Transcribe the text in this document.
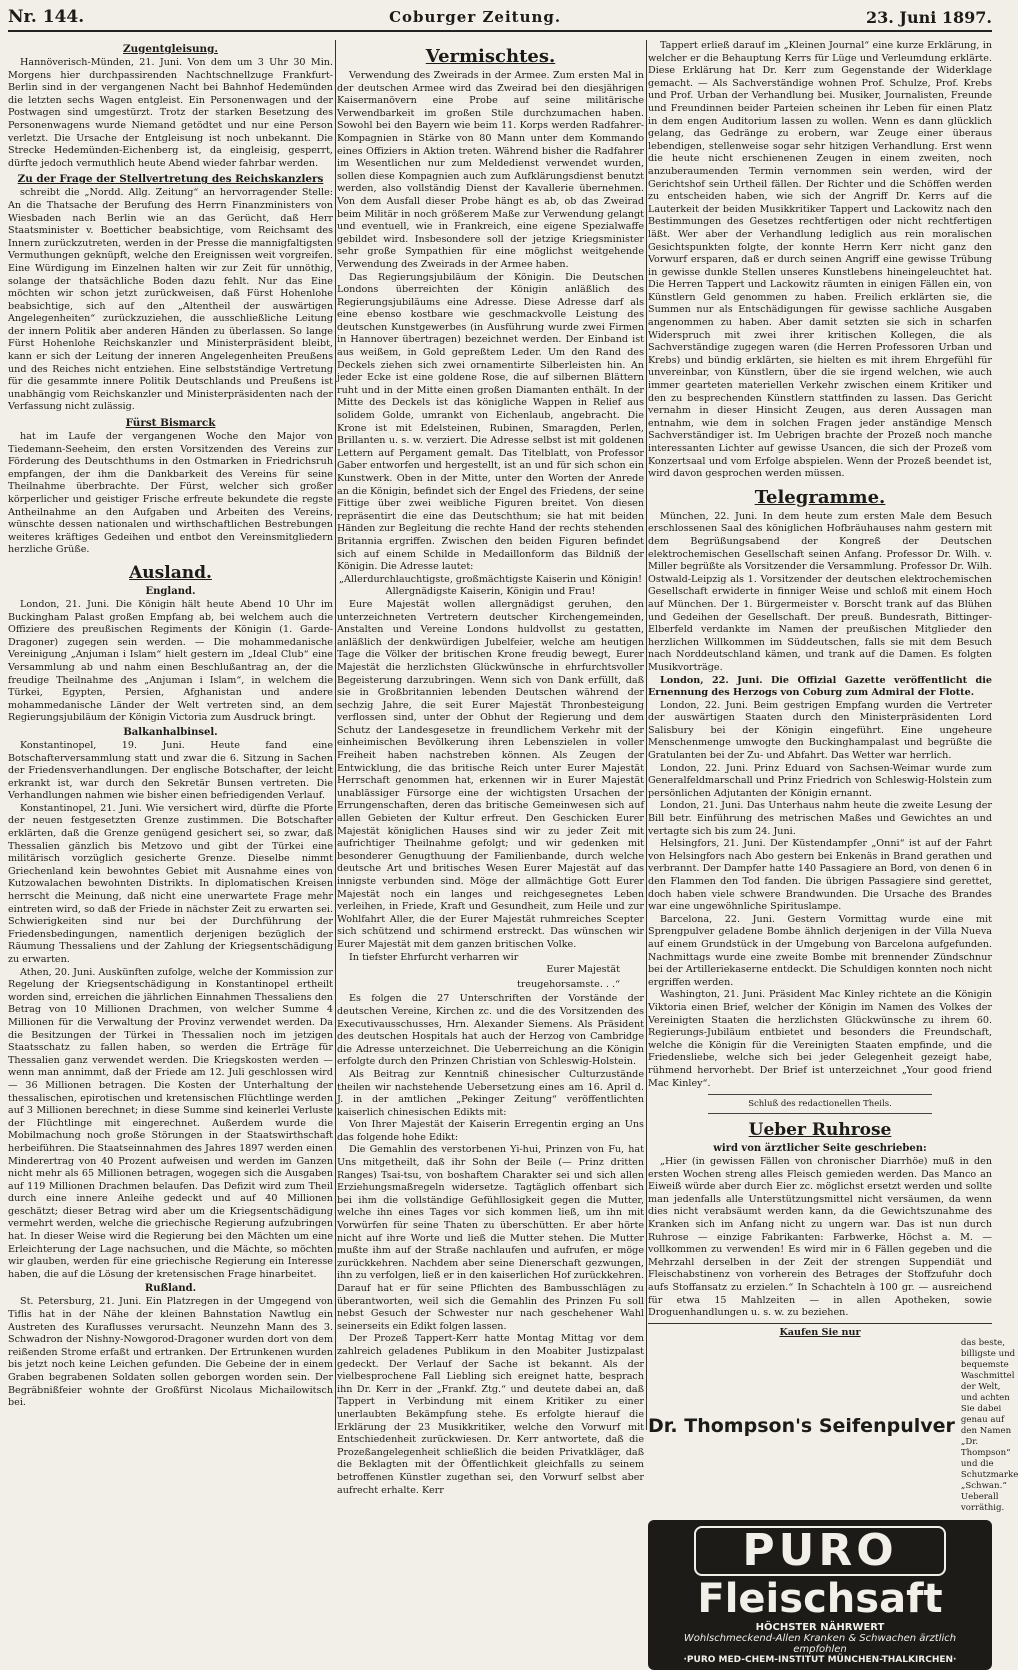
Nr. 144.	Coburger Zeitung.	23. Juni 1897.
Zugentgleisung.

Hannöverisch-Münden, 21. Juni. Von dem um 3 Uhr 30 Min. Morgens hier durchpassirenden Nachtschnellzuge Frankfurt-Berlin sind in der vergangenen Nacht bei Bahnhof Hedemünden die letzten sechs Wagen entgleist. Ein Personenwagen und der Postwagen sind umgestürzt. Trotz der starken Besetzung des Personenwagens wurde Niemand getödtet und nur eine Person verletzt. Die Ursache der Entgleisung ist noch unbekannt. Die Strecke Hedemünden-Eichenberg ist, da eingleisig, gesperrt, dürfte jedoch vermuthlich heute Abend wieder fahrbar werden.

Zu der Frage der Stellvertretung des Reichskanzlers

schreibt die „Nordd. Allg. Zeitung“ an hervorragender Stelle: An die Thatsache der Berufung des Herrn Finanzministers von Wiesbaden nach Berlin wie an das Gerücht, daß Herr Staatsminister v. Boetticher beabsichtige, vom Reichsamt des Innern zurückzutreten, werden in der Presse die mannigfaltigsten Vermuthungen geknüpft, welche den Ereignissen weit vorgreifen. Eine Würdigung im Einzelnen halten wir zur Zeit für unnöthig, solange der thatsächliche Boden dazu fehlt. Nur das Eine möchten wir schon jetzt zurückweisen, daß Fürst Hohenlohe beabsichtige, sich auf den „Altentheil der auswärtigen Angelegenheiten“ zurückzuziehen, die ausschließliche Leitung der innern Politik aber anderen Händen zu überlassen. So lange Fürst Hohenlohe Reichskanzler und Ministerpräsident bleibt, kann er sich der Leitung der inneren Angelegenheiten Preußens und des Reiches nicht entziehen. Eine selbstständige Vertretung für die gesammte innere Politik Deutschlands und Preußens ist unabhängig vom Reichskanzler und Ministerpräsidenten nach der Verfassung nicht zulässig.

Fürst Bismarck

hat im Laufe der vergangenen Woche den Major von Tiedemann-Seeheim, den ersten Vorsitzenden des Vereins zur Förderung des Deutschthums in den Ostmarken in Friedrichsruh empfangen, der ihm die Dankbarkeit des Vereins für seine Theilnahme überbrachte. Der Fürst, welcher sich großer körperlicher und geistiger Frische erfreute bekundete die regste Antheilnahme an den Aufgaben und Arbeiten des Vereins, wünschte dessen nationalen und wirthschaftlichen Bestrebungen weiteres kräftiges Gedeihen und entbot den Vereinsmitgliedern herzliche Grüße.

Ausland.
England.

London, 21. Juni. Die Königin hält heute Abend 10 Uhr im Buckingham Palast großen Empfang ab, bei welchem auch die Offiziere des preußischen Regiments der Königin (1. Garde-Dragoner) zugegen sein werden. — Die mohammedanische Vereinigung „Anjuman i Islam“ hielt gestern im „Ideal Club“ eine Versammlung ab und nahm einen Beschlußantrag an, der die freudige Theilnahme des „Anjuman i Islam“, in welchem die Türkei, Egypten, Persien, Afghanistan und andere mohammedanische Länder der Welt vertreten sind, an dem Regierungsjubiläum der Königin Victoria zum Ausdruck bringt.

Balkanhalbinsel.

Konstantinopel, 19. Juni. Heute fand eine Botschafterversammlung statt und zwar die 6. Sitzung in Sachen der Friedensverhandlungen. Der englische Botschafter, der leicht erkrankt ist, war durch den Sekretär Bunsen vertreten. Die Verhandlungen nahmen wie bisher einen befriedigenden Verlauf.

Konstantinopel, 21. Juni. Wie versichert wird, dürfte die Pforte der neuen festgesetzten Grenze zustimmen. Die Botschafter erklärten, daß die Grenze genügend gesichert sei, so zwar, daß Thessalien gänzlich bis Metzovo und gibt der Türkei eine militärisch vorzüglich gesicherte Grenze. Dieselbe nimmt Griechenland kein bewohntes Gebiet mit Ausnahme eines von Kutzowalachen bewohnten Distrikts. In diplomatischen Kreisen herrscht die Meinung, daß nicht eine unerwartete Frage mehr eintreten wird, so daß der Friede in nächster Zeit zu erwarten sei. Schwierigkeiten sind nur bei der Durchführung der Friedensbedingungen, namentlich derjenigen bezüglich der Räumung Thessaliens und der Zahlung der Kriegsentschädigung zu erwarten.

Athen, 20. Juni. Auskünften zufolge, welche der Kommission zur Regelung der Kriegsentschädigung in Konstantinopel ertheilt worden sind, erreichen die jährlichen Einnahmen Thessaliens den Betrag von 10 Millionen Drachmen, von welcher Summe 4 Millionen für die Verwaltung der Provinz verwendet werden. Da die Besitzungen der Türkei in Thessalien noch im jetzigen Staatsschatz zu fallen haben, so werden die Erträge für Thessalien ganz verwendet werden. Die Kriegskosten werden — wenn man annimmt, daß der Friede am 12. Juli geschlossen wird — 36 Millionen betragen. Die Kosten der Unterhaltung der thessalischen, epirotischen und kretensischen Flüchtlinge werden auf 3 Millionen berechnet; in diese Summe sind keinerlei Verluste der Flüchtlinge mit eingerechnet. Außerdem wurde die Mobilmachung noch große Störungen in der Staatswirthschaft herbeiführen. Die Staatseinnahmen des Jahres 1897 werden einen Minderertrag von 40 Prozent aufweisen und werden im Ganzen nicht mehr als 65 Millionen betragen, wogegen sich die Ausgaben auf 119 Millionen Drachmen belaufen. Das Defizit wird zum Theil durch eine innere Anleihe gedeckt und auf 40 Millionen geschätzt; dieser Betrag wird aber um die Kriegsentschädigung vermehrt werden, welche die griechische Regierung aufzubringen hat. In dieser Weise wird die Regierung bei den Mächten um eine Erleichterung der Lage nachsuchen, und die Mächte, so möchten wir glauben, werden für eine griechische Regierung ein Interesse haben, die auf die Lösung der kretensischen Frage hinarbeitet.

Rußland.

St. Petersburg, 21. Juni. Ein Platzregen in der Umgegend von Tiflis hat in der Nähe der kleinen Bahnstation Nawtlug ein Austreten des Kuraflusses verursacht. Neunzehn Mann des 3. Schwadron der Nishny-Nowgorod-Dragoner wurden dort von dem reißenden Strome erfaßt und ertranken. Der Ertrunkenen wurden bis jetzt noch keine Leichen gefunden. Die Gebeine der in einem Graben begrabenen Soldaten sollen geborgen worden sein. Der Begräbnißfeier wohnte der Großfürst Nicolaus Michailowitsch bei.

Vermischtes.

Verwendung des Zweirads in der Armee. Zum ersten Mal in der deutschen Armee wird das Zweirad bei den diesjährigen Kaisermanövern eine Probe auf seine militärische Verwendbarkeit im großen Stile durchzumachen haben. Sowohl bei den Bayern wie beim 11. Korps werden Radfahrer-Kompagnien in Stärke von 80 Mann unter dem Kommando eines Offiziers in Aktion treten. Während bisher die Radfahrer im Wesentlichen nur zum Meldedienst verwendet wurden, sollen diese Kompagnien auch zum Aufklärungsdienst benutzt werden, also vollständig Dienst der Kavallerie übernehmen. Von dem Ausfall dieser Probe hängt es ab, ob das Zweirad beim Militär in noch größerem Maße zur Verwendung gelangt und eventuell, wie in Frankreich, eine eigene Spezialwaffe gebildet wird. Insbesondere soll der jetzige Kriegsminister sehr große Sympathien für eine möglichst weitgehende Verwendung des Zweirads in der Armee haben.

Das Regierungsjubiläum der Königin. Die Deutschen Londons überreichten der Königin anläßlich des Regierungsjubiläums eine Adresse. Diese Adresse darf als eine ebenso kostbare wie geschmackvolle Leistung des deutschen Kunstgewerbes (in Ausführung wurde zwei Firmen in Hannover übertragen) bezeichnet werden. Der Einband ist aus weißem, in Gold gepreßtem Leder. Um den Rand des Deckels ziehen sich zwei ornamentirte Silberleisten hin. An jeder Ecke ist eine goldene Rose, die auf silbernen Blättern ruht und in der Mitte einen großen Diamanten enthält. In der Mitte des Deckels ist das königliche Wappen in Relief aus solidem Golde, umrankt von Eichenlaub, angebracht. Die Krone ist mit Edelsteinen, Rubinen, Smaragden, Perlen, Brillanten u. s. w. verziert. Die Adresse selbst ist mit goldenen Lettern auf Pergament gemalt. Das Titelblatt, von Professor Gaber entworfen und hergestellt, ist an und für sich schon ein Kunstwerk. Oben in der Mitte, unter den Worten der Anrede an die Königin, befindet sich der Engel des Friedens, der seine Fittige über zwei weibliche Figuren breitet. Von diesen repräsentirt die eine das Deutschthum; sie hat mit beiden Händen zur Begleitung die rechte Hand der rechts stehenden Britannia ergriffen. Zwischen den beiden Figuren befindet sich auf einem Schilde in Medaillonform das Bildniß der Königin. Die Adresse lautet:

„Allerdurchlauchtigste, großmächtigste Kaiserin und Königin!

Allergnädigste Kaiserin, Königin und Frau!

Eure Majestät wollen allergnädigst geruhen, den unterzeichneten Vertretern deutscher Kirchengemeinden, Anstalten und Vereine Londons huldvollst zu gestatten, anläßlich der denkwürdigen Jubelfeier, welche am heutigen Tage die Völker der britischen Krone freudig bewegt, Eurer Majestät die herzlichsten Glückwünsche in ehrfurchtsvoller Begeisterung darzubringen. Wenn sich von Dank erfüllt, daß sie in Großbritannien lebenden Deutschen während der sechzig Jahre, die seit Eurer Majestät Thronbesteigung verflossen sind, unter der Obhut der Regierung und dem Schutz der Landesgesetze in freundlichem Verkehr mit der einheimischen Bevölkerung ihren Lebenszielen in voller Freiheit haben nachstreben können. Als Zeugen der Entwicklung, die das britische Reich unter Eurer Majestät Herrschaft genommen hat, erkennen wir in Eurer Majestät unablässiger Fürsorge eine der wichtigsten Ursachen der Errungenschaften, deren das britische Gemeinwesen sich auf allen Gebieten der Kultur erfreut. Den Geschicken Eurer Majestät königlichen Hauses sind wir zu jeder Zeit mit aufrichtiger Theilnahme gefolgt; und wir gedenken mit besonderer Genugthuung der Familienbande, durch welche deutsche Art und britisches Wesen Eurer Majestät auf das innigste verbunden sind. Möge der allmächtige Gott Eurer Majestät noch ein langes und reichgesegnetes Leben verleihen, in Friede, Kraft und Gesundheit, zum Heile und zur Wohlfahrt Aller, die der Eurer Majestät ruhmreiches Scepter sich schützend und schirmend erstreckt. Das wünschen wir Eurer Majestät mit dem ganzen britischen Volke.

In tiefster Ehrfurcht verharren wir

Eurer Majestät

treugehorsamste. . .“

Es folgen die 27 Unterschriften der Vorstände der deutschen Vereine, Kirchen zc. und die des Vorsitzenden des Executivausschusses, Hrn. Alexander Siemens. Als Präsident des deutschen Hospitals hat auch der Herzog von Cambridge die Adresse unterzeichnet. Die Ueberreichung an die Königin erfolgte durch den Prinzen Christian von Schleswig-Holstein.

Als Beitrag zur Kenntniß chinesischer Culturzustände theilen wir nachstehende Uebersetzung eines am 16. April d. J. in der amtlichen „Pekinger Zeitung“ veröffentlichten kaiserlich chinesischen Edikts mit:

Von Ihrer Majestät der Kaiserin Erregentin erging an Uns das folgende hohe Edikt:

Die Gemahlin des verstorbenen Yi-hui, Prinzen von Fu, hat Uns mitgetheilt, daß ihr Sohn der Beile (— Prinz dritten Ranges) Tsai-tsu, von boshaftem Charakter sei und sich allen Erziehungsmaßregeln widersetze. Tagtäglich offenbart sich bei ihm die vollständige Gefühllosigkeit gegen die Mutter, welche ihn eines Tages vor sich kommen ließ, um ihn mit Vorwürfen für seine Thaten zu überschütten. Er aber hörte nicht auf ihre Worte und ließ die Mutter stehen. Die Mutter mußte ihm auf der Straße nachlaufen und aufrufen, er möge zurückkehren. Nachdem aber seine Dienerschaft gezwungen, ihn zu verfolgen, ließ er in den kaiserlichen Hof zurückkehren. Darauf hat er für seine Pflichten des Bambusschlägen zu überantworten, weil sich die Gemahlin des Prinzen Fu soll nebst Gesuch der Schwester nur nach geschehener Wahl seinerseits ein Edikt folgen lassen.

Der Prozeß Tappert-Kerr hatte Montag Mittag vor dem zahlreich geladenes Publikum in den Moabiter Justizpalast gedeckt. Der Verlauf der Sache ist bekannt. Als der vielbesprochene Fall Liebling sich ereignet hatte, besprach ihn Dr. Kerr in der „Frankf. Ztg.“ und deutete dabei an, daß Tappert in Verbindung mit einem Kritiker zu einer unerlaubten Bekämpfung stehe. Es erfolgte hierauf die Erklärung der 23 Musikkritiker, welche den Vorwurf mit Entschiedenheit zurückwiesen. Dr. Kerr antwortete, daß die Prozeßangelegenheit schließlich die beiden Privatkläger, daß die Beklagten mit der Öffentlichkeit gleichfalls zu seinem betroffenen Künstler zugethan sei, den Vorwurf selbst aber aufrecht erhalte. Kerr

Tappert erließ darauf im „Kleinen Journal“ eine kurze Erklärung, in welcher er die Behauptung Kerrs für Lüge und Verleumdung erklärte. Diese Erklärung hat Dr. Kerr zum Gegenstande der Widerklage gemacht. — Als Sachverständige wohnen Prof. Schulze, Prof. Krebs und Prof. Urban der Verhandlung bei. Musiker, Journalisten, Freunde und Freundinnen beider Parteien scheinen ihr Leben für einen Platz in dem engen Auditorium lassen zu wollen. Wenn es dann glücklich gelang, das Gedränge zu erobern, war Zeuge einer überaus lebendigen, stellenweise sogar sehr hitzigen Verhandlung. Erst wenn die heute nicht erschienenen Zeugen in einem zweiten, noch anzuberaumenden Termin vernommen sein werden, wird der Gerichtshof sein Urtheil fällen. Der Richter und die Schöffen werden zu entscheiden haben, wie sich der Angriff Dr. Kerrs auf die Lauterkeit der beiden Musikkritiker Tappert und Lackowitz nach den Bestimmungen des Gesetzes rechtfertigen oder nicht rechtfertigen läßt. Wer aber der Verhandlung lediglich aus rein moralischen Gesichtspunkten folgte, der konnte Herrn Kerr nicht ganz den Vorwurf ersparen, daß er durch seinen Angriff eine gewisse Trübung in gewisse dunkle Stellen unseres Kunstlebens hineingeleuchtet hat. Die Herren Tappert und Lackowitz räumten in einigen Fällen ein, von Künstlern Geld genommen zu haben. Freilich erklärten sie, die Summen nur als Entschädigungen für gewisse sachliche Ausgaben angenommen zu haben. Aber damit setzten sie sich in scharfen Widerspruch mit zwei ihrer kritischen Kollegen, die als Sachverständige zugegen waren (die Herren Professoren Urban und Krebs) und bündig erklärten, sie hielten es mit ihrem Ehrgefühl für unvereinbar, von Künstlern, über die sie irgend welchen, wie auch immer gearteten materiellen Verkehr zwischen einem Kritiker und den zu besprechenden Künstlern stattfinden zu lassen. Das Gericht vernahm in dieser Hinsicht Zeugen, aus deren Aussagen man entnahm, wie dem in solchen Fragen jeder anständige Mensch Sachverständiger ist. Im Uebrigen brachte der Prozeß noch manche interessanten Lichter auf gewisse Usancen, die sich der Prozeß vom Konzertsaal und vom Erfolge abspielen. Wenn der Prozeß beendet ist, wird davon gesprochen werden müssen.

Telegramme.

München, 22. Juni. In dem heute zum ersten Male dem Besuch erschlossenen Saal des königlichen Hofbräuhauses nahm gestern mit dem Begrüßungsabend der Kongreß der Deutschen elektrochemischen Gesellschaft seinen Anfang. Professor Dr. Wilh. v. Miller begrüßte als Vorsitzender die Versammlung. Professor Dr. Wilh. Ostwald-Leipzig als 1. Vorsitzender der deutschen elektrochemischen Gesellschaft erwiderte in finniger Weise und schloß mit einem Hoch auf München. Der 1. Bürgermeister v. Borscht trank auf das Blühen und Gedeihen der Gesellschaft. Der preuß. Bundesrath, Bittinger-Elberfeld verdankte im Namen der preußischen Mitglieder den herzlichen Willkommen im Süddeutschen, falls sie mit dem Besuch nach Norddeutschland kämen, und trank auf die Damen. Es folgten Musikvorträge.

London, 22. Juni. Die Offizial Gazette veröffentlicht die Ernennung des Herzogs von Coburg zum Admiral der Flotte.

London, 22. Juni. Beim gestrigen Empfang wurden die Vertreter der auswärtigen Staaten durch den Ministerpräsidenten Lord Salisbury bei der Königin eingeführt. Eine ungeheure Menschenmenge umwogte den Buckinghampalast und begrüßte die Gratulanten bei der Zu- und Abfahrt. Das Wetter war herrlich.

London, 22. Juni. Prinz Eduard von Sachsen-Weimar wurde zum Generalfeldmarschall und Prinz Friedrich von Schleswig-Holstein zum persönlichen Adjutanten der Königin ernannt.

London, 21. Juni. Das Unterhaus nahm heute die zweite Lesung der Bill betr. Einführung des metrischen Maßes und Gewichtes an und vertagte sich bis zum 24. Juni.

Helsingfors, 21. Juni. Der Küstendampfer „Onni“ ist auf der Fahrt von Helsingfors nach Abo gestern bei Enkenäs in Brand gerathen und verbrannt. Der Dampfer hatte 140 Passagiere an Bord, von denen 6 in den Flammen den Tod fanden. Die übrigen Passagiere sind gerettet, doch haben viele schwere Brandwunden. Die Ursache des Brandes war eine ungewöhnliche Spirituslampe.

Barcelona, 22. Juni. Gestern Vormittag wurde eine mit Sprengpulver geladene Bombe ähnlich derjenigen in der Villa Nueva auf einem Grundstück in der Umgebung von Barcelona aufgefunden. Nachmittags wurde eine zweite Bombe mit brennender Zündschnur bei der Artilleriekaserne entdeckt. Die Schuldigen konnten noch nicht ergriffen werden.

Washington, 21. Juni. Präsident Mac Kinley richtete an die Königin Viktoria einen Brief, welcher der Königin im Namen des Volkes der Vereinigten Staaten die herzlichsten Glückwünsche zu ihrem 60. Regierungs-Jubiläum entbietet und besonders die Freundschaft, welche die Königin für die Vereinigten Staaten empfinde, und die Friedensliebe, welche sich bei jeder Gelegenheit gezeigt habe, rühmend hervorhebt. Der Brief ist unterzeichnet „Your good friend Mac Kinley“.

Schluß des redactionellen Theils.
Ueber Ruhrose
wird von ärztlicher Seite geschrieben:

„Hier (in gewissen Fällen von chronischer Diarrhöe) muß in den ersten Wochen streng alles Fleisch gemieden werden. Das Manco an Eiweiß würde aber durch Eier zc. möglichst ersetzt werden und sollte man jedenfalls alle Unterstützungsmittel nicht versäumen, da wenn dies nicht verabsäumt werden kann, da die Gewichtszunahme des Kranken sich im Anfang nicht zu ungern war. Das ist nun durch Ruhrose — einzige Fabrikanten: Farbwerke, Höchst a. M. — vollkommen zu verwenden! Es wird mir in 6 Fällen gegeben und die Mehrzahl derselben in der Zeit der strengen Suppendiät und Fleischabstinenz von vorherein des Betrages der Stoffzufuhr doch aufs Stoffansatz zu erzielen.“ In Schachteln à 100 gr. — ausreichend für etwa 15 Mahlzeiten — in allen Apotheken, sowie Droguenhandlungen u. s. w. zu beziehen.

Kaufen Sie nur

Dr. Thompson's Seifenpulver
das beste, billigste und bequemste Waschmittel der Welt, und achten Sie dabei genau auf den Namen „Dr. Thompson“ und die Schutzmarke „Schwan.“ Ueberall vorräthig.
PURO
Fleischsaft
HÖCHSTER NÄHRWERT
Wohlschmeckend-Allen Kranken & Schwachen ärztlich empfohlen
·PURO MED-CHEM-INSTITUT MÜNCHEN-THALKIRCHEN·
